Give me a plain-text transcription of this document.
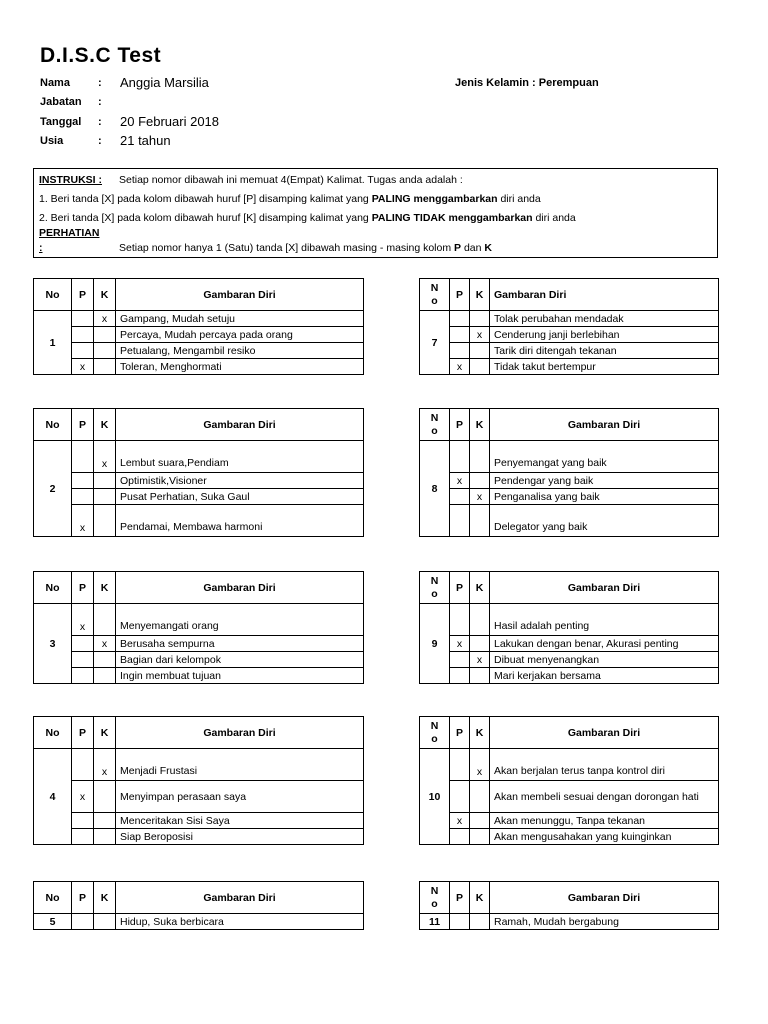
D.I.S.C Test
Nama	: Anggia Marsilia
Jabatan :
Tanggal : 20 Februari 2018
Usia	: 21 tahun
Jenis Kelamin : Perempuan
INSTRUKSI : Setiap nomor dibawah ini memuat 4(Empat) Kalimat. Tugas anda adalah :
1. Beri tanda [X] pada kolom dibawah huruf [P] disamping kalimat yang PALING menggambarkan diri anda
2. Beri tanda [X] pada kolom dibawah huruf [K] disamping kalimat yang PALING TIDAK menggambarkan diri anda
PERHATIAN
:	Setiap nomor hanya 1 (Satu) tanda [X] dibawah masing - masing kolom P dan K
No	P	K	Gambaran Diri
1		x	Gampang, Mudah setuju
			Percaya, Mudah percaya pada orang
			Petualang, Mengambil resiko
	x		Toleran, Menghormati
No	P	K	Gambaran Diri
2		x	Lembut suara,Pendiam
			Optimistik,Visioner
			Pusat Perhatian, Suka Gaul
	x		Pendamai, Membawa harmoni
No	P	K	Gambaran Diri
3	x		Menyemangati orang
		x	Berusaha sempurna
			Bagian dari kelompok
			Ingin membuat tujuan
No	P	K	Gambaran Diri
4		x	Menjadi Frustasi
	x		Menyimpan perasaan saya
			Menceritakan Sisi Saya
			Siap Beroposisi
No	P	K	Gambaran Diri
5			Hidup, Suka berbicara
N
o	P	K	Gambaran Diri
7			Tolak perubahan mendadak
		x	Cenderung janji berlebihan
			Tarik diri ditengah tekanan
	x		Tidak takut bertempur
N
o	P	K	Gambaran Diri
8			Penyemangat yang baik
	x		Pendengar yang baik
		x	Penganalisa yang baik
			Delegator yang baik
N
o	P	K	Gambaran Diri
9			Hasil adalah penting
	x		Lakukan dengan benar, Akurasi penting
		x	Dibuat menyenangkan
			Mari kerjakan bersama
N
o	P	K	Gambaran Diri
10		x	Akan berjalan terus tanpa kontrol diri
			Akan membeli sesuai dengan dorongan hati
	x		Akan menunggu, Tanpa tekanan
			Akan mengusahakan yang kuinginkan
N
o	P	K	Gambaran Diri
11			Ramah, Mudah bergabung
